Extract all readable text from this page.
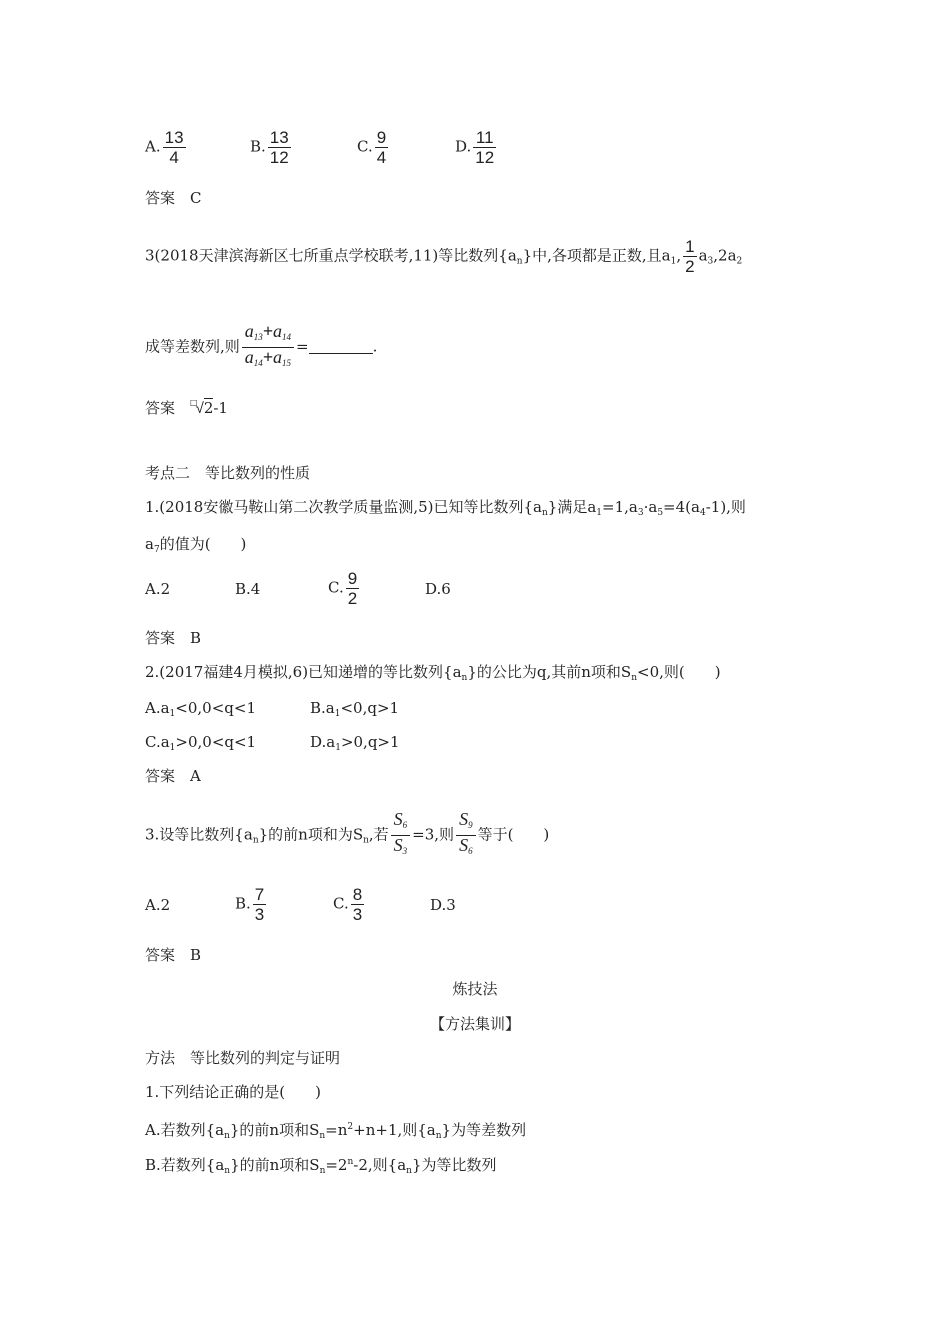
A. $\frac{13}{4}$	B. $\frac{13}{12}$	C. $\frac{9}{4}$	D. $\frac{11}{12}$
答案　C
3(2018天津滨海新区七所重点学校联考,11)等比数列$\{a_n\}$中,各项都是正数,且$a_1$, $\frac{1}{2} a_3,2a_2$
成等差数列,则 $\frac{a_{13}+a_{14}}{a_{14}+a_{15}}$ =	.
答案　□√2-1
考点二　等比数列的性质
1.(2018安徽马鞍山第二次教学质量监测,5)已知等比数列$\{a_n\}$满足$a_1=1,a_3\cdot a_5=4(a_4-1)$,则
$a_7$的值为(　　)
A.2	B.4	C. $\frac{9}{2}$	D.6
答案　B
2.(2017福建4月模拟,6)已知递增的等比数列$\{a_n\}$的公比为q,其前n项和$S_n<0$,则(　　)
$A.a_1<0,0<q<1$	$B.a_1<0,q>1$
$C.a_1>0,0<q<1$	$D.a_1>0,q>1$
答案　A
3.设等比数列$\{a_n\}$的前n项和为$S_n$,若 $\frac{S_6}{S_3} =3$,则 $\frac{S_9}{S_6}$ 等于(　　)
A.2	B. $\frac{7}{3}$	C. $\frac{8}{3}$	D.3
答案　B
炼技法
【方法集训】
方法　等比数列的判定与证明
1.下列结论正确的是(　　)
A.若数列$\{a_n\}$的前n项和$S_n=n^2+n+1$,则$\{a_n\}$为等差数列
B.若数列$\{a_n\}$的前n项和$S_n=2^n-2$,则$\{a_n\}$为等比数列
